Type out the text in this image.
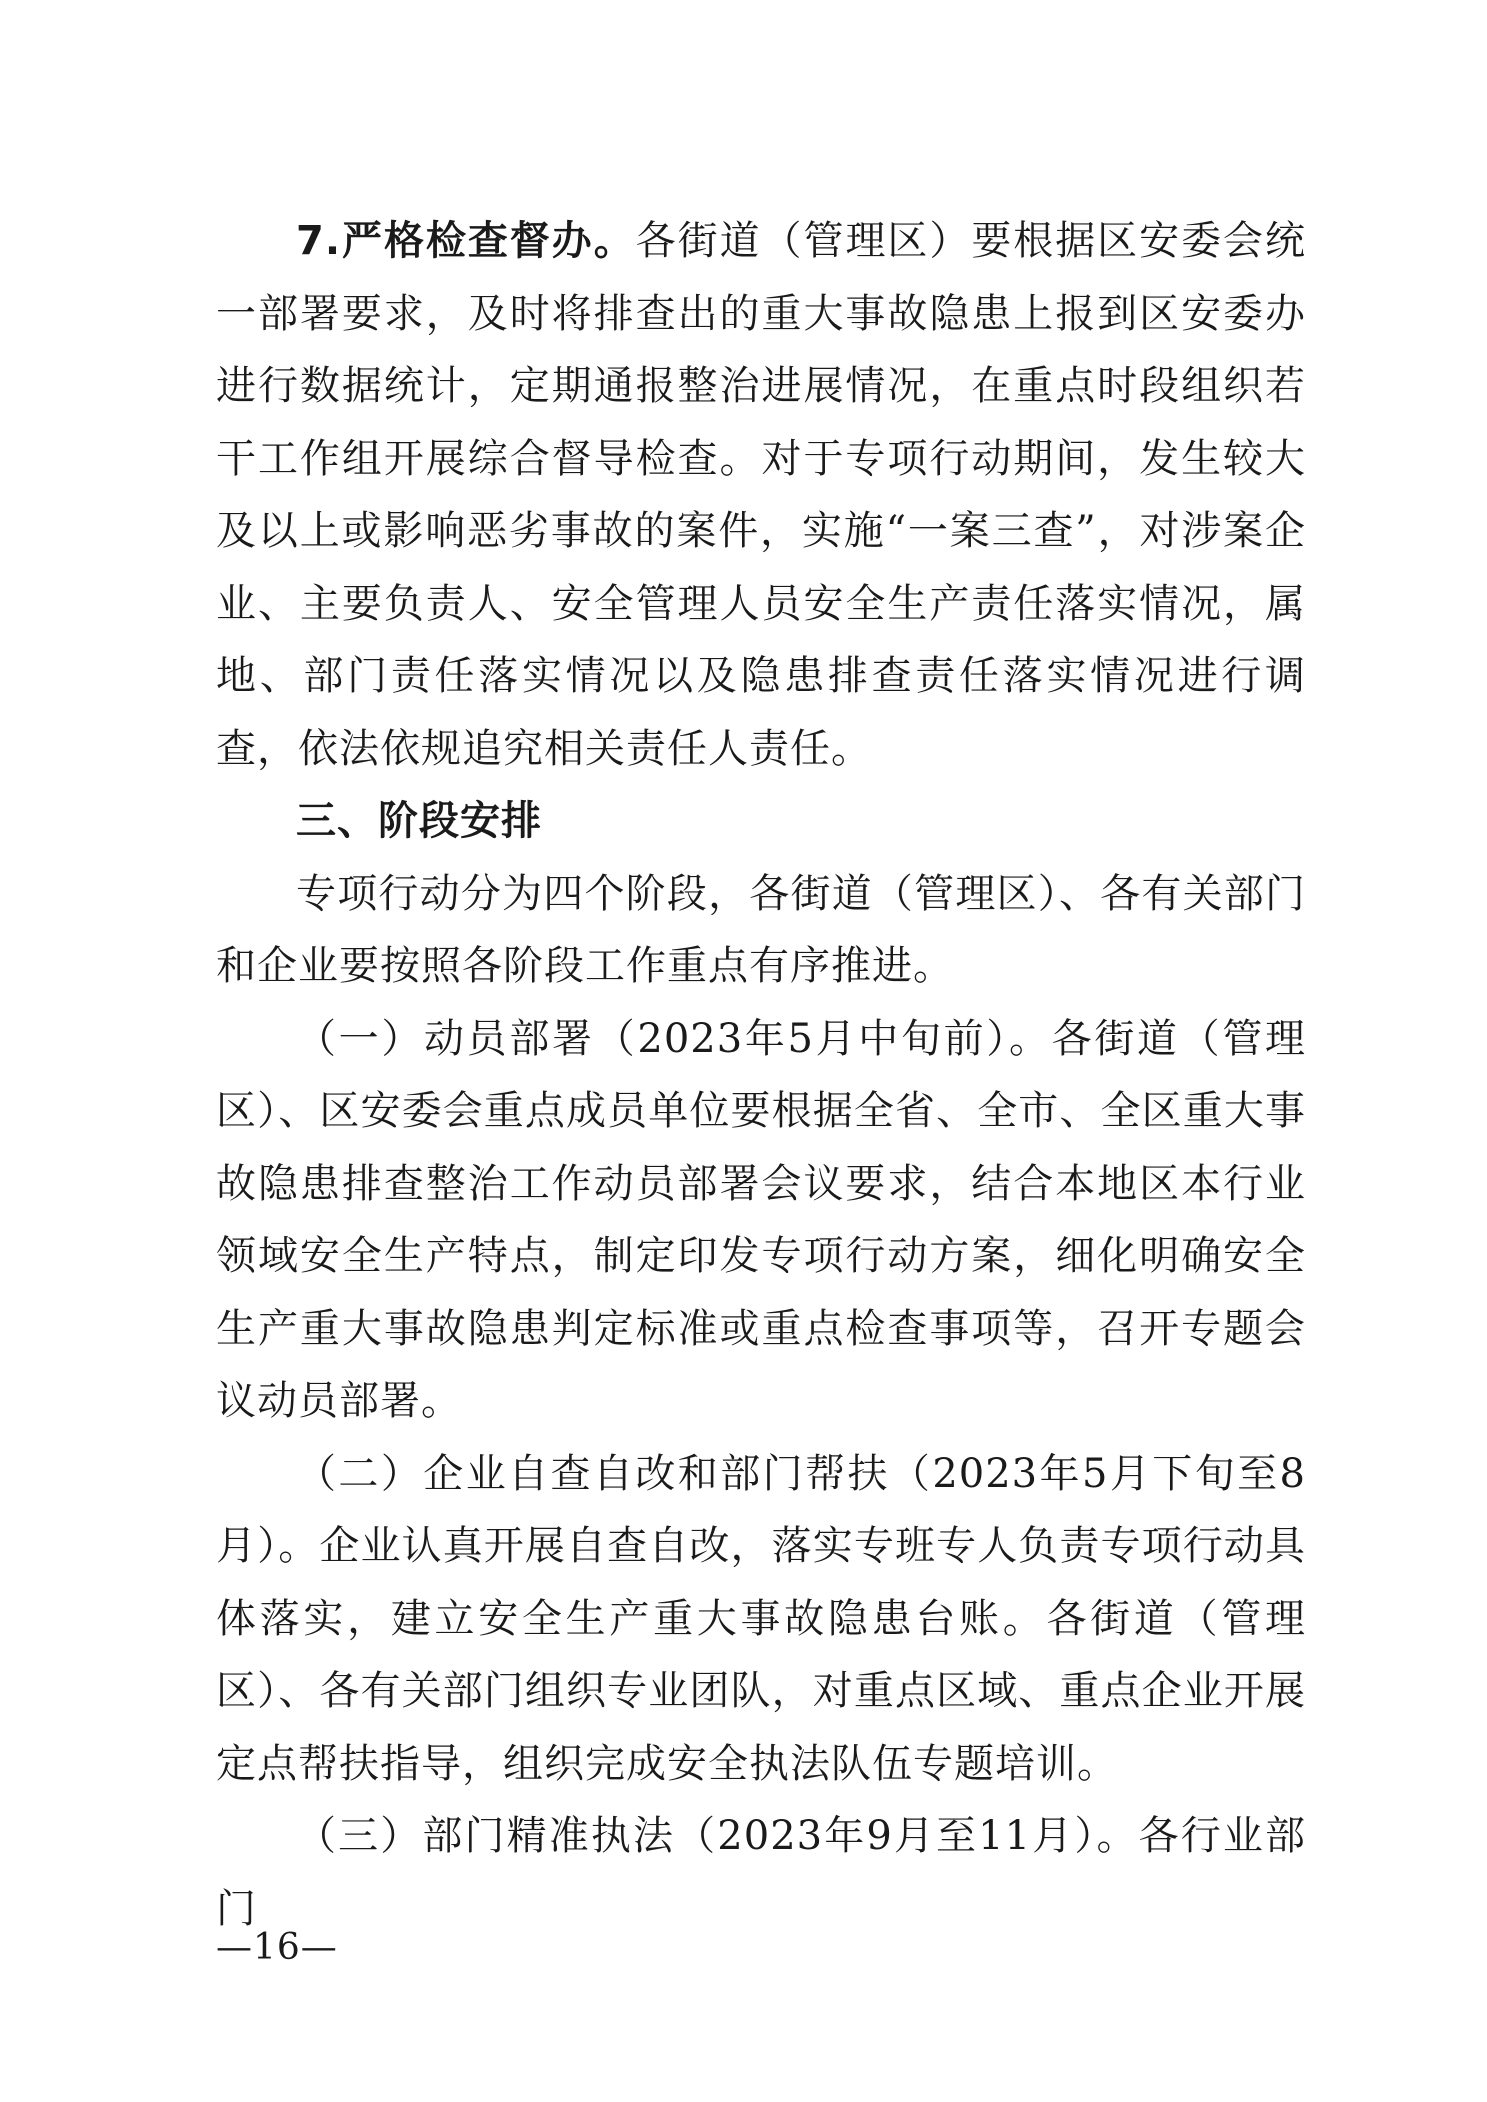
7.严格检查督办。各街道（管理区）要根据区安委会统一部署要求，及时将排查出的重大事故隐患上报到区安委办进行数据统计，定期通报整治进展情况，在重点时段组织若干工作组开展综合督导检查。对于专项行动期间，发生较大及以上或影响恶劣事故的案件，实施“一案三查”，对涉案企业、主要负责人、安全管理人员安全生产责任落实情况，属地、部门责任落实情况以及隐患排查责任落实情况进行调查，依法依规追究相关责任人责任。

三、阶段安排

专项行动分为四个阶段，各街道（管理区）、各有关部门和企业要按照各阶段工作重点有序推进。

（一）动员部署（2023年5月中旬前）。各街道（管理区）、区安委会重点成员单位要根据全省、全市、全区重大事故隐患排查整治工作动员部署会议要求，结合本地区本行业领域安全生产特点，制定印发专项行动方案，细化明确安全生产重大事故隐患判定标准或重点检查事项等，召开专题会议动员部署。

（二）企业自查自改和部门帮扶（2023年5月下旬至8月）。企业认真开展自查自改，落实专班专人负责专项行动具体落实，建立安全生产重大事故隐患台账。各街道（管理区）、各有关部门组织专业团队，对重点区域、重点企业开展定点帮扶指导，组织完成安全执法队伍专题培训。

（三）部门精准执法（2023年9月至11月）。各行业部门

—16—
